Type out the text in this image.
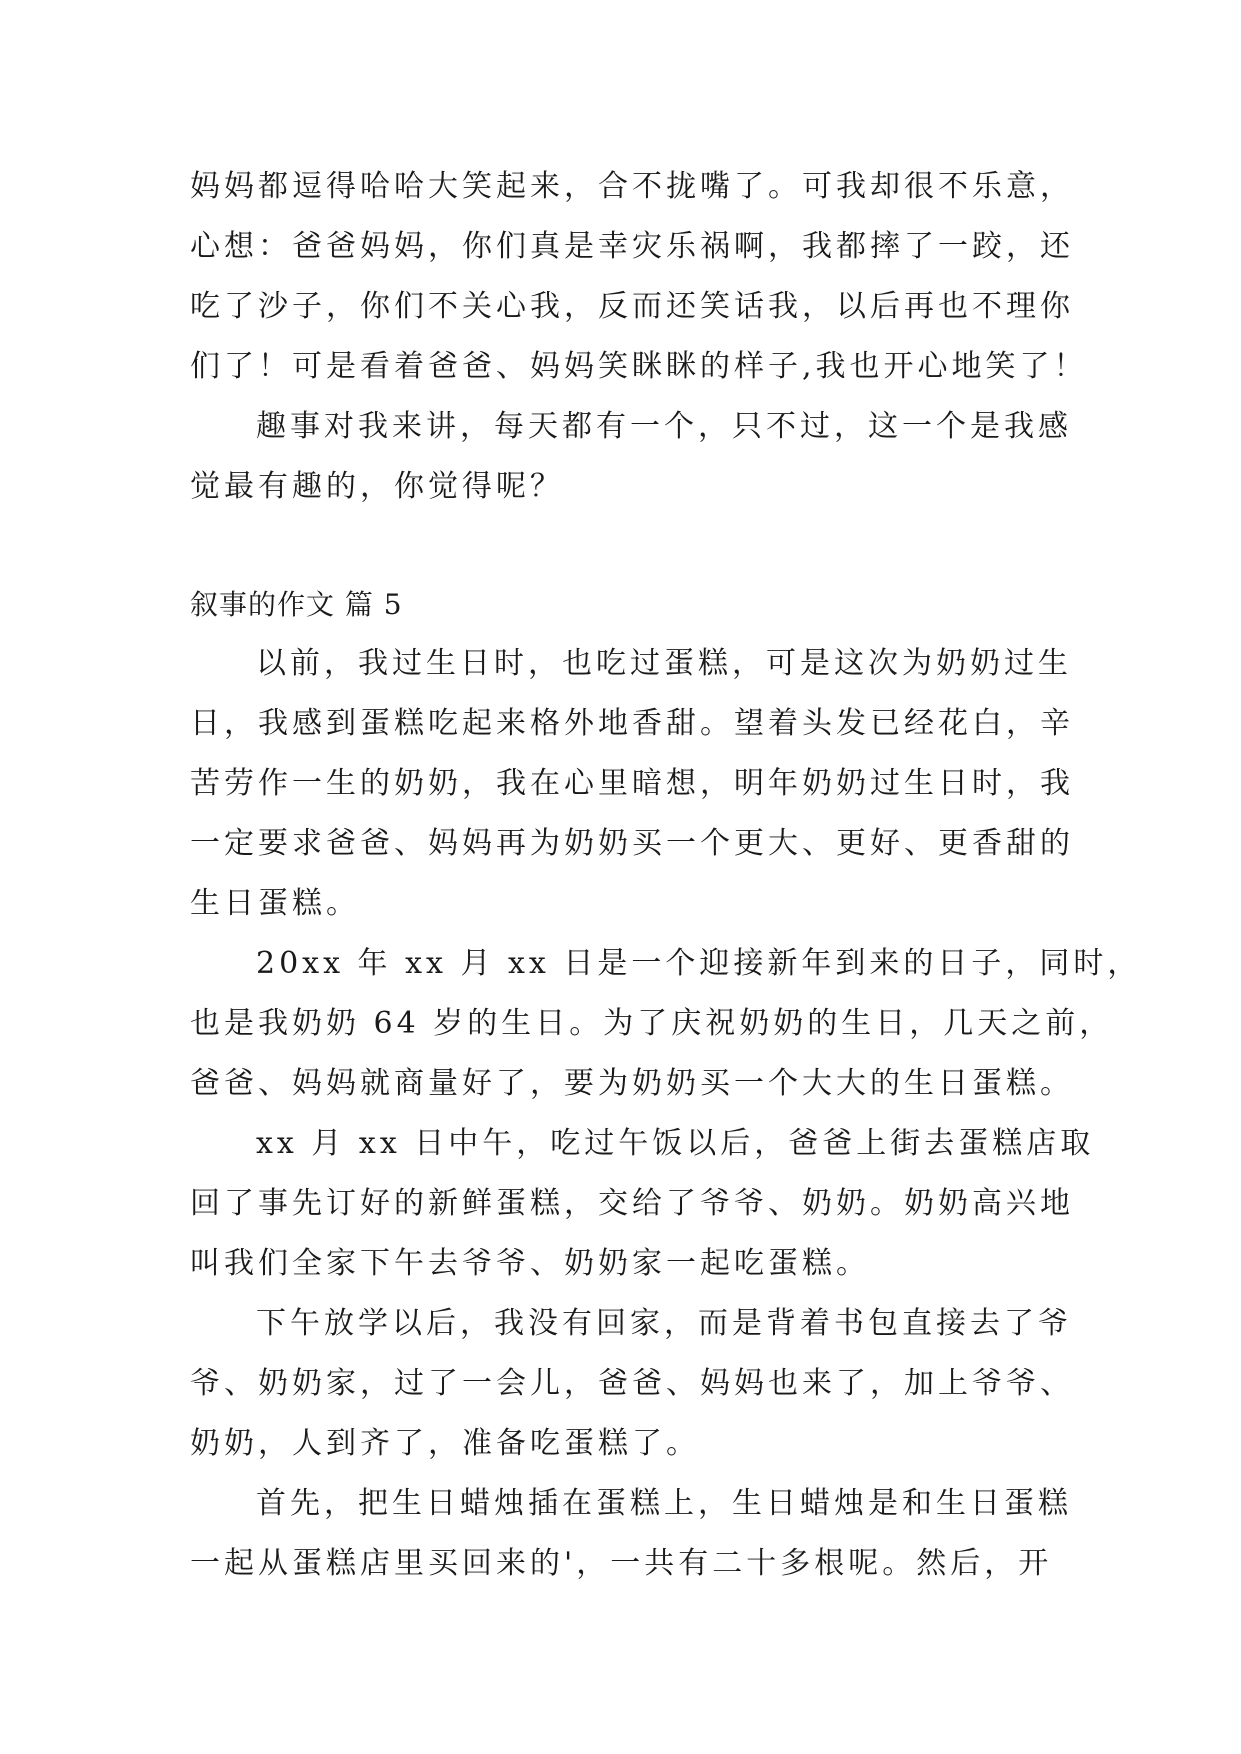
妈妈都逗得哈哈大笑起来，合不拢嘴了。可我却很不乐意，
心想：爸爸妈妈，你们真是幸灾乐祸啊，我都摔了一跤，还
吃了沙子，你们不关心我，反而还笑话我，以后再也不理你
们了！可是看着爸爸、妈妈笑眯眯的样子,我也开心地笑了！
趣事对我来讲，每天都有一个，只不过，这一个是我感
觉最有趣的，你觉得呢？
叙事的作文 篇 5
以前，我过生日时，也吃过蛋糕，可是这次为奶奶过生
日，我感到蛋糕吃起来格外地香甜。望着头发已经花白，辛
苦劳作一生的奶奶，我在心里暗想，明年奶奶过生日时，我
一定要求爸爸、妈妈再为奶奶买一个更大、更好、更香甜的
生日蛋糕。
20xx 年 xx 月 xx 日是一个迎接新年到来的日子，同时，
也是我奶奶 64 岁的生日。为了庆祝奶奶的生日，几天之前，
爸爸、妈妈就商量好了，要为奶奶买一个大大的生日蛋糕。
xx 月 xx 日中午，吃过午饭以后，爸爸上街去蛋糕店取
回了事先订好的新鲜蛋糕，交给了爷爷、奶奶。奶奶高兴地
叫我们全家下午去爷爷、奶奶家一起吃蛋糕。
下午放学以后，我没有回家，而是背着书包直接去了爷
爷、奶奶家，过了一会儿，爸爸、妈妈也来了，加上爷爷、
奶奶，人到齐了，准备吃蛋糕了。
首先，把生日蜡烛插在蛋糕上，生日蜡烛是和生日蛋糕
一起从蛋糕店里买回来的'，一共有二十多根呢。然后，开
